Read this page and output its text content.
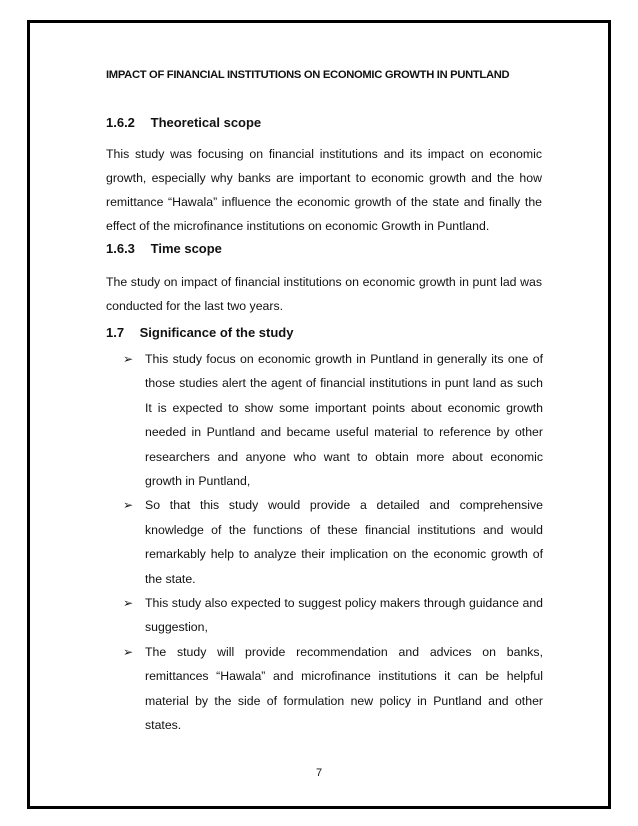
IMPACT OF FINANCIAL INSTITUTIONS ON ECONOMIC GROWTH IN PUNTLAND
1.6.2 Theoretical scope
This study was focusing on financial institutions and its impact on economic
growth, especially why banks are important to economic growth and the how
remittance “Hawala” influence the economic growth of the state and finally the
effect of the microfinance institutions on economic Growth in Puntland.
1.6.3 Time scope
The study on impact of financial institutions on economic growth in punt lad was
conducted for the last two years.
1.7 Significance of the study
➢ This study focus on economic growth in Puntland in generally its one of
those studies alert the agent of financial institutions in punt land as such
It is expected to show some important points about economic growth
needed in Puntland and became useful material to reference by other
researchers and anyone who want to obtain more about economic
growth in Puntland,
➢ So that this study would provide a detailed and comprehensive
knowledge of the functions of these financial institutions and would
remarkably help to analyze their implication on the economic growth of
the state.
➢ This study also expected to suggest policy makers through guidance and
suggestion,
➢ The study will provide recommendation and advices on banks,
remittances “Hawala” and microfinance institutions it can be helpful
material by the side of formulation new policy in Puntland and other
states.
7
